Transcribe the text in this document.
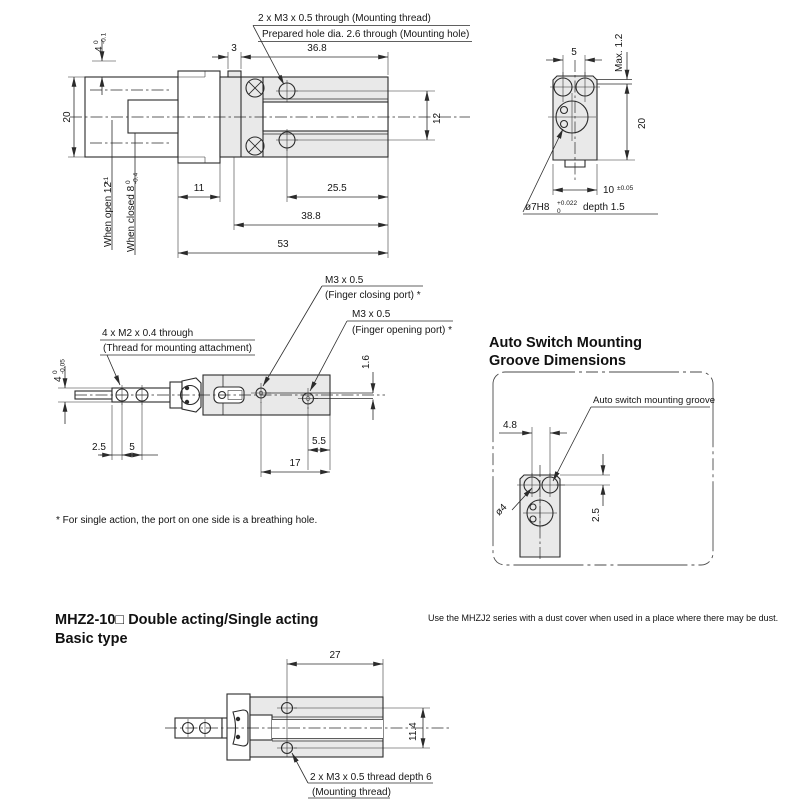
2 x M3 x 0.5 through (Mounting thread)
Prepared hole dia. 2.6 through (Mounting hole)
3	36.8
20
4
0 -0.1
12
When open 12
±1
When closed 8
0 -0.4
11	25.5
38.8
53
5	Max. 1.2
20
10 ±0.05
ø7H8 +0.022
0 depth 1.5
4 x M2 x 0.4 through
(Thread for mounting attachment)
M3 x 0.5
(Finger closing port) *
M3 x 0.5
(Finger opening port) *
4
0 -0.05
2.5 5
1.6
5.5
17
Auto Switch Mounting
Groove Dimensions
Auto switch mounting groove
4.8
ø4	2.5
* For single action, the port on one side is a breathing hole.
MHZ2-10□ Double acting/Single acting
Basic type
Use the MHZJ2 series with a dust cover when used in a place where there may be dust.
27
11.4
2 x M3 x 0.5 thread depth 6
(Mounting thread)
